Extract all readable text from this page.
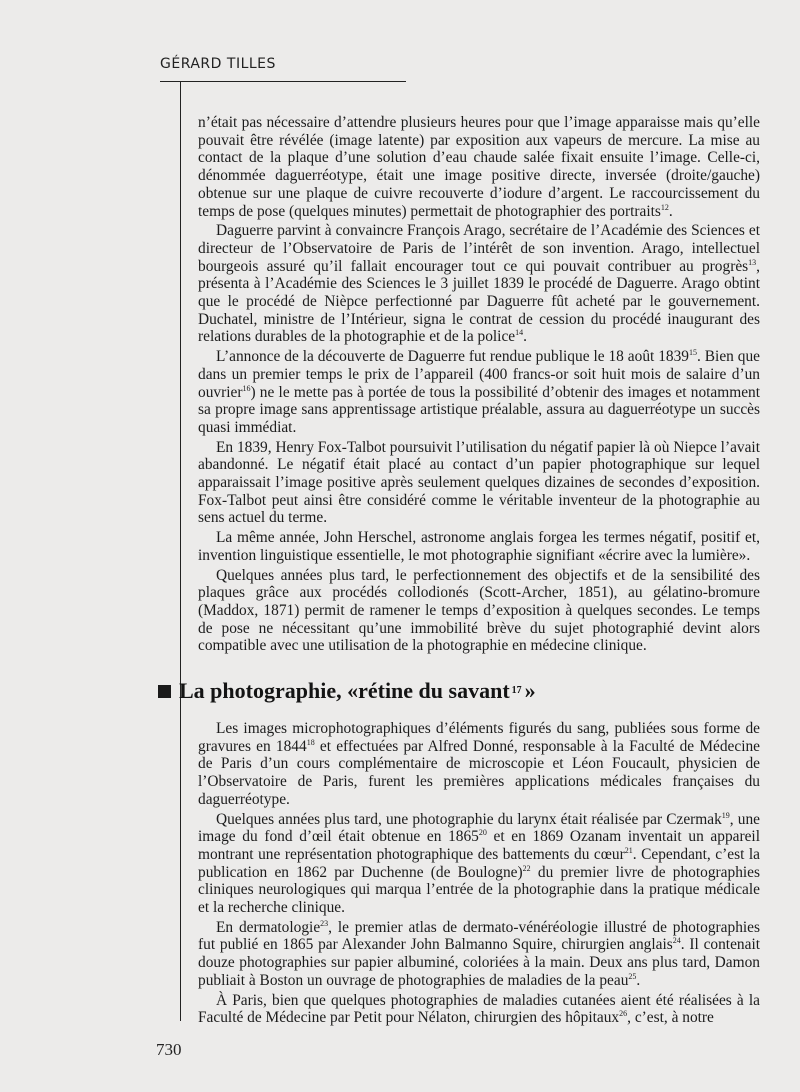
GÉRARD TILLES

n’était pas nécessaire d’attendre plusieurs heures pour que l’image apparaisse mais qu’elle pouvait être révélée (image latente) par exposition aux vapeurs de mercure. La mise au contact de la plaque d’une solution d’eau chaude salée fixait ensuite l’image. Celle-ci, dénommée daguerréotype, était une image positive directe, inversée (droite/gauche) obtenue sur une plaque de cuivre recouverte d’iodure d’argent. Le raccourcissement du temps de pose (quelques minutes) permettait de photographier des portraits$^{12}$.

Daguerre parvint à convaincre François Arago, secrétaire de l’Académie des Sciences et directeur de l’Observatoire de Paris de l’intérêt de son invention. Arago, intellectuel bourgeois assuré qu’il fallait encourager tout ce qui pouvait contribuer au progrès$^{13}$, présenta à l’Académie des Sciences le 3 juillet 1839 le procédé de Daguerre. Arago obtint que le procédé de Nièpce perfectionné par Daguerre fût acheté par le gouvernement. Duchatel, ministre de l’Intérieur, signa le contrat de cession du procédé inaugurant des relations durables de la photographie et de la police$^{14}$.

L’annonce de la découverte de Daguerre fut rendue publique le 18 août 1839$^{15}$. Bien que dans un premier temps le prix de l’appareil (400 francs-or soit huit mois de salaire d’un ouvrier$^{16}$) ne le mette pas à portée de tous la possibilité d’obtenir des images et notamment sa propre image sans apprentissage artistique préalable, assura au daguerréotype un succès quasi immédiat.

En 1839, Henry Fox-Talbot poursuivit l’utilisation du négatif papier là où Niepce l’avait abandonné. Le négatif était placé au contact d’un papier photographique sur lequel apparaissait l’image positive après seulement quelques dizaines de secondes d’exposition. Fox-Talbot peut ainsi être considéré comme le véritable inventeur de la photographie au sens actuel du terme.

La même année, John Herschel, astronome anglais forgea les termes négatif, positif et, invention linguistique essentielle, le mot photographie signifiant «écrire avec la lumière».

Quelques années plus tard, le perfectionnement des objectifs et de la sensibilité des plaques grâce aux procédés collodionés (Scott-Archer, 1851), au gélatino-bromure (Maddox, 1871) permit de ramener le temps d’exposition à quelques secondes. Le temps de pose ne nécessitant qu’une immobilité brève du sujet photographié devint alors compatible avec une utilisation de la photographie en médecine clinique.

La photographie, «rétine du savant 17 »

Les images microphotographiques d’éléments figurés du sang, publiées sous forme de gravures en 1844$^{18}$ et effectuées par Alfred Donné, responsable à la Faculté de Médecine de Paris d’un cours complémentaire de microscopie et Léon Foucault, physicien de l’Observatoire de Paris, furent les premières applications médicales françaises du daguerréotype.

Quelques années plus tard, une photographie du larynx était réalisée par Czermak$^{19}$, une image du fond d’œil était obtenue en 1865$^{20}$ et en 1869 Ozanam inventait un appareil montrant une représentation photographique des battements du cœur$^{21}$. Cependant, c’est la publication en 1862 par Duchenne (de Boulogne)$^{22}$ du premier livre de photographies cliniques neurologiques qui marqua l’entrée de la photographie dans la pratique médicale et la recherche clinique.

En dermatologie$^{23}$, le premier atlas de dermato-vénéréologie illustré de photographies fut publié en 1865 par Alexander John Balmanno Squire, chirurgien anglais$^{24}$. Il contenait douze photographies sur papier albuminé, coloriées à la main. Deux ans plus tard, Damon publiait à Boston un ouvrage de photographies de maladies de la peau$^{25}$.

À Paris, bien que quelques photographies de maladies cutanées aient été réalisées à la Faculté de Médecine par Petit pour Nélaton, chirurgien des hôpitaux$^{26}$, c’est, à notre

730
